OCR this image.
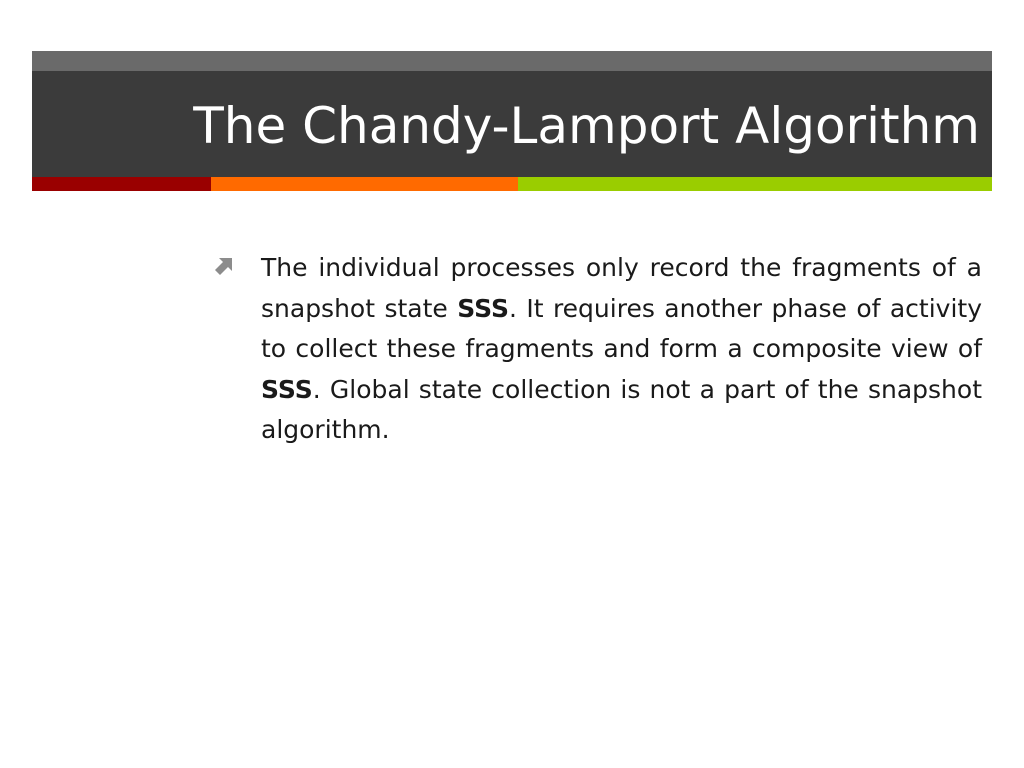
The Chandy-Lamport Algorithm

The individual processes only record the fragments of a snapshot state SSS. It requires another phase of activity to collect these fragments and form a composite view of SSS. Global state collection is not a part of the snapshot algorithm.
